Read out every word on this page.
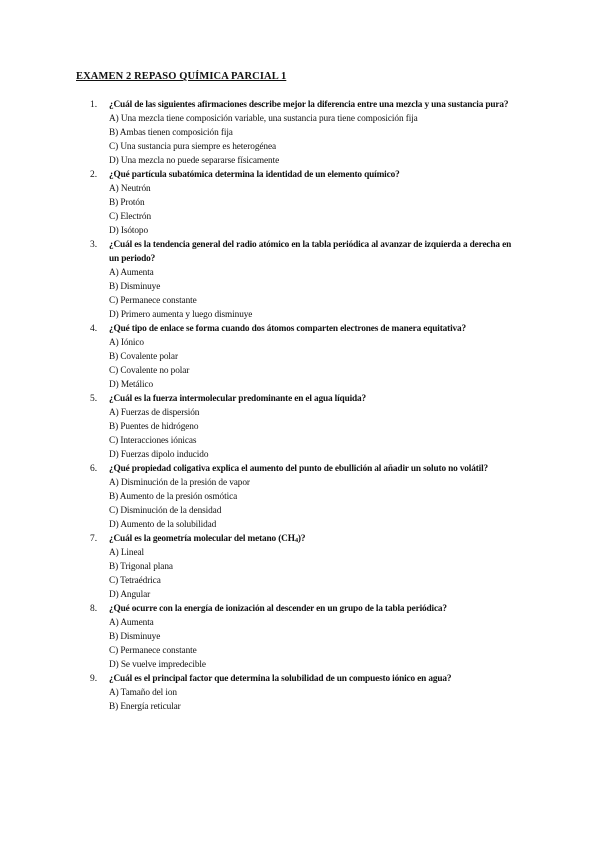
EXAMEN 2 REPASO QUÍMICA PARCIAL 1
1. ¿Cuál de las siguientes afirmaciones describe mejor la diferencia entre una mezcla y una sustancia pura?
A) Una mezcla tiene composición variable, una sustancia pura tiene composición fija
B) Ambas tienen composición fija
C) Una sustancia pura siempre es heterogénea
D) Una mezcla no puede separarse físicamente
2. ¿Qué partícula subatómica determina la identidad de un elemento químico?
A) Neutrón
B) Protón
C) Electrón
D) Isótopo
3. ¿Cuál es la tendencia general del radio atómico en la tabla periódica al avanzar de izquierda a derecha en un periodo?
A) Aumenta
B) Disminuye
C) Permanece constante
D) Primero aumenta y luego disminuye
4. ¿Qué tipo de enlace se forma cuando dos átomos comparten electrones de manera equitativa?
A) Iónico
B) Covalente polar
C) Covalente no polar
D) Metálico
5. ¿Cuál es la fuerza intermolecular predominante en el agua líquida?
A) Fuerzas de dispersión
B) Puentes de hidrógeno
C) Interacciones iónicas
D) Fuerzas dipolo inducido
6. ¿Qué propiedad coligativa explica el aumento del punto de ebullición al añadir un soluto no volátil?
A) Disminución de la presión de vapor
B) Aumento de la presión osmótica
C) Disminución de la densidad
D) Aumento de la solubilidad
7. ¿Cuál es la geometría molecular del metano $(CH_4)$?
A) Lineal
B) Trigonal plana
C) Tetraédrica
D) Angular
8. ¿Qué ocurre con la energía de ionización al descender en un grupo de la tabla periódica?
A) Aumenta
B) Disminuye
C) Permanece constante
D) Se vuelve impredecible
9. ¿Cuál es el principal factor que determina la solubilidad de un compuesto iónico en agua?
A) Tamaño del ion
B) Energía reticular
